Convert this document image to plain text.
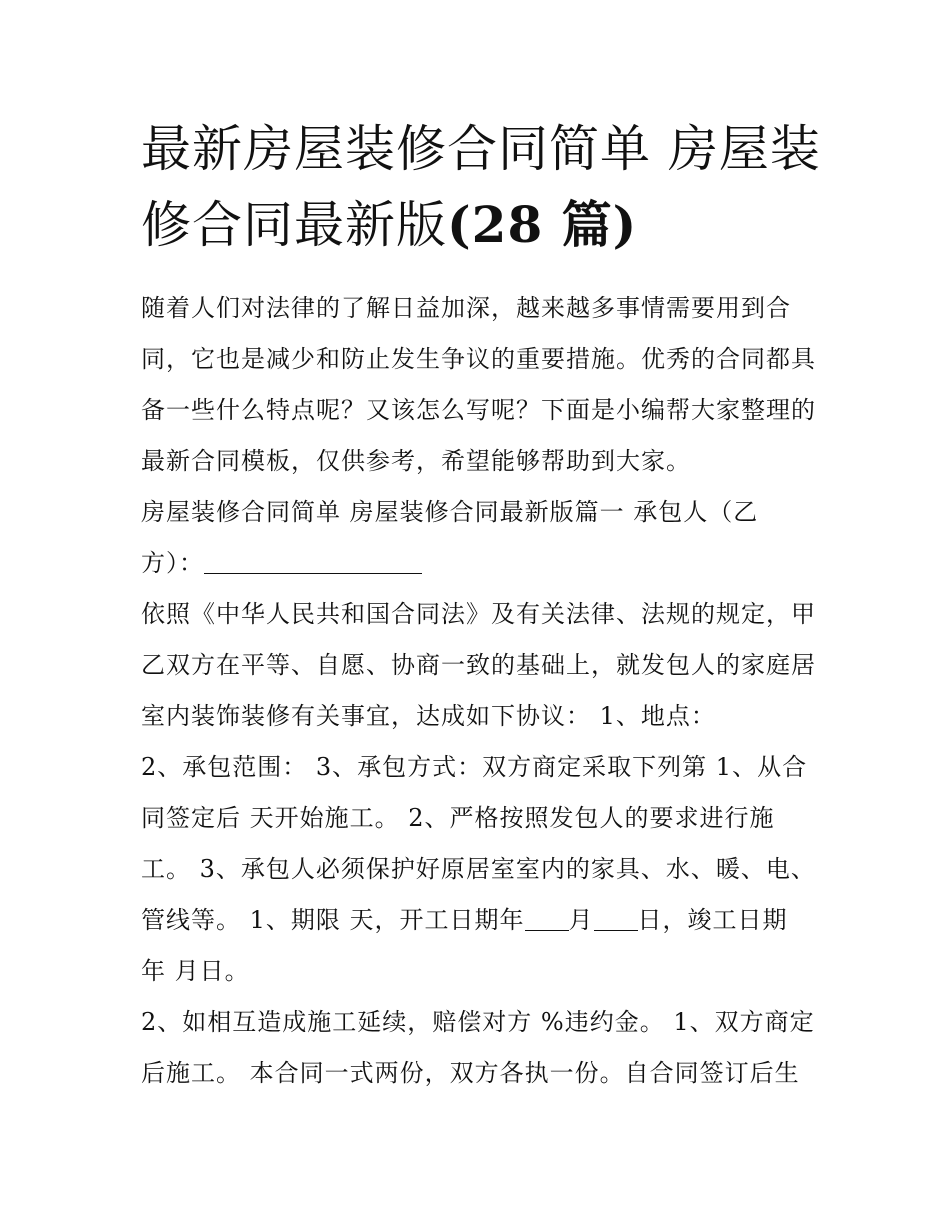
最新房屋装修合同简单 房屋装修合同最新版(28 篇)

随着人们对法律的了解日益加深，越来越多事情需要用到合同，它也是减少和防止发生争议的重要措施。优秀的合同都具备一些什么特点呢？又该怎么写呢？下面是小编帮大家整理的最新合同模板，仅供参考，希望能够帮助到大家。

房屋装修合同简单 房屋装修合同最新版篇一 承包人（乙方）：

依照《中华人民共和国合同法》及有关法律、法规的规定，甲乙双方在平等、自愿、协商一致的基础上，就发包人的家庭居室内装饰装修有关事宜，达成如下协议： 1、地点：

2、承包范围： 3、承包方式：双方商定采取下列第 1、从合同签定后 天开始施工。 2、严格按照发包人的要求进行施工。 3、承包人必须保护好原居室室内的家具、水、暖、电、管线等。 1、期限 天，开工日期年 月 日，竣工日期 年 月日。

2、如相互造成施工延续，赔偿对方 %违约金。 1、双方商定后施工。 本合同一式两份，双方各执一份。自合同签订后生
